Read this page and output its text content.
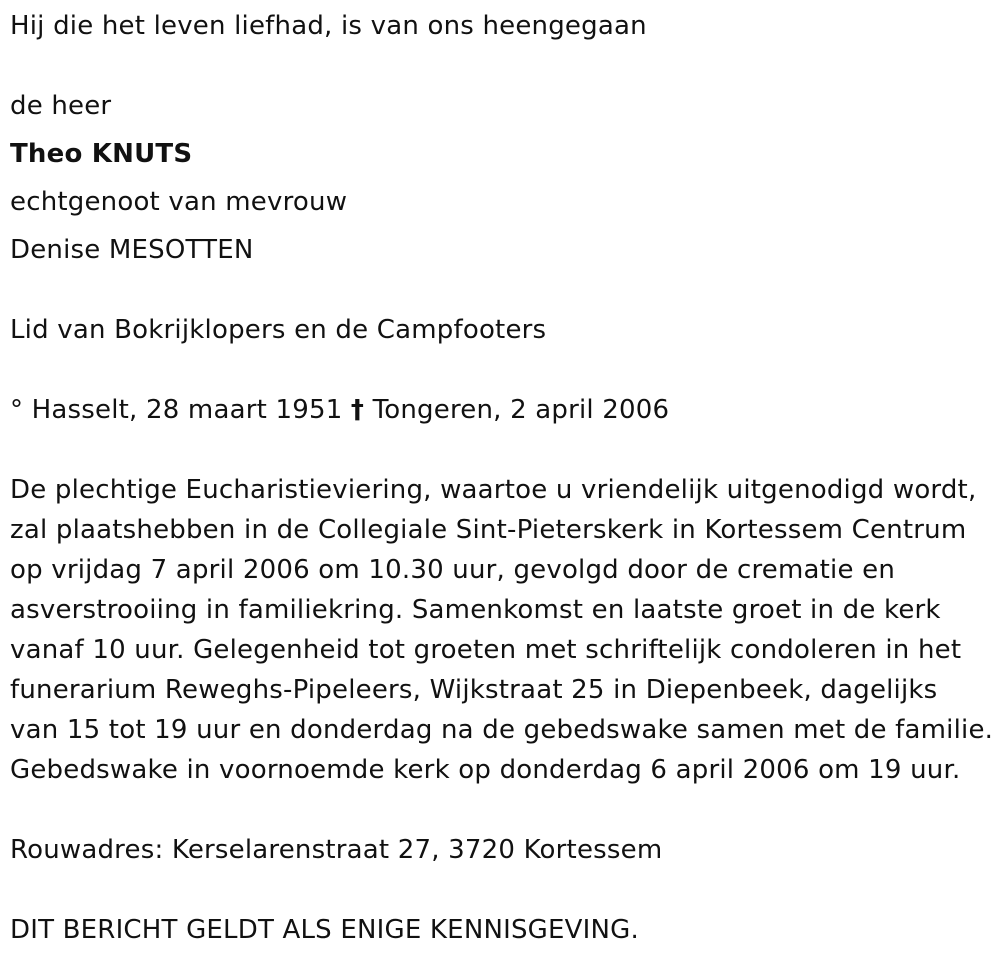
Hij die het leven liefhad, is van ons heengegaan

de heer

Theo KNUTS

echtgenoot van mevrouw

Denise MESOTTEN

Lid van Bokrijklopers en de Campfooters

° Hasselt, 28 maart 1951 † Tongeren, 2 april 2006

De plechtige Eucharistieviering, waartoe u vriendelijk uitgenodigd wordt,
zal plaatshebben in de Collegiale Sint-Pieterskerk in Kortessem Centrum
op vrijdag 7 april 2006 om 10.30 uur, gevolgd door de crematie en
asverstrooiing in familiekring. Samenkomst en laatste groet in de kerk
vanaf 10 uur. Gelegenheid tot groeten met schriftelijk condoleren in het
funerarium Reweghs-Pipeleers, Wijkstraat 25 in Diepenbeek, dagelijks
van 15 tot 19 uur en donderdag na de gebedswake samen met de familie.
Gebedswake in voornoemde kerk op donderdag 6 april 2006 om 19 uur.

Rouwadres: Kerselarenstraat 27, 3720 Kortessem

DIT BERICHT GELDT ALS ENIGE KENNISGEVING.
